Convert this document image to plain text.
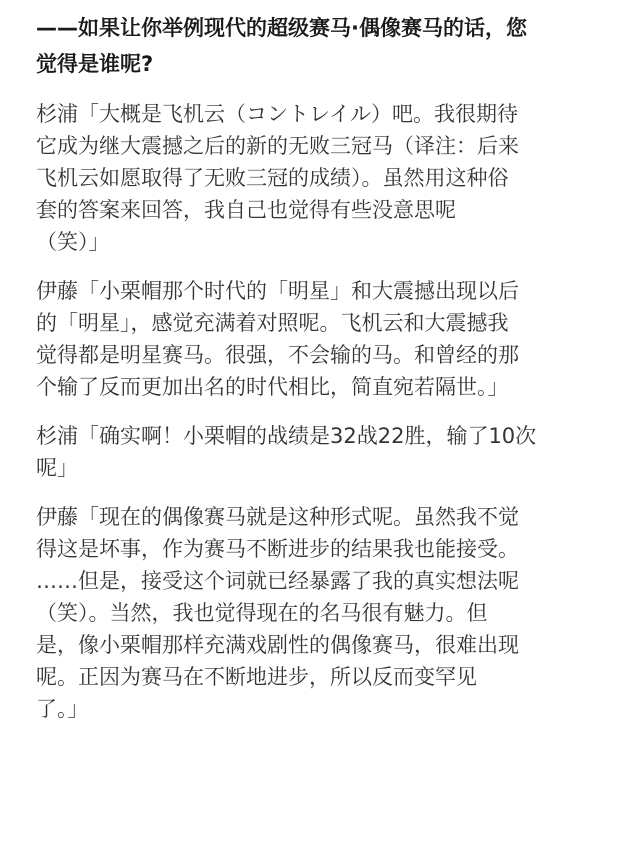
——如果让你举例现代的超级赛马·偶像赛马的话，您
觉得是谁呢?
杉浦「大概是飞机云（コントレイル）吧。我很期待
它成为继大震撼之后的新的无败三冠马（译注：后来
飞机云如愿取得了无败三冠的成绩）。虽然用这种俗
套的答案来回答，我自己也觉得有些没意思呢
（笑）」
伊藤「小栗帽那个时代的「明星」和大震撼出现以后
的「明星」，感觉充满着对照呢。飞机云和大震撼我
觉得都是明星赛马。很强，不会输的马。和曾经的那
个输了反而更加出名的时代相比，简直宛若隔世。」
杉浦「确实啊！小栗帽的战绩是32战22胜，输了10次
呢」
伊藤「现在的偶像赛马就是这种形式呢。虽然我不觉
得这是坏事，作为赛马不断进步的结果我也能接受。
……但是，接受这个词就已经暴露了我的真实想法呢
（笑）。当然，我也觉得现在的名马很有魅力。但
是，像小栗帽那样充满戏剧性的偶像赛马，很难出现
呢。正因为赛马在不断地进步，所以反而变罕见
了。」
